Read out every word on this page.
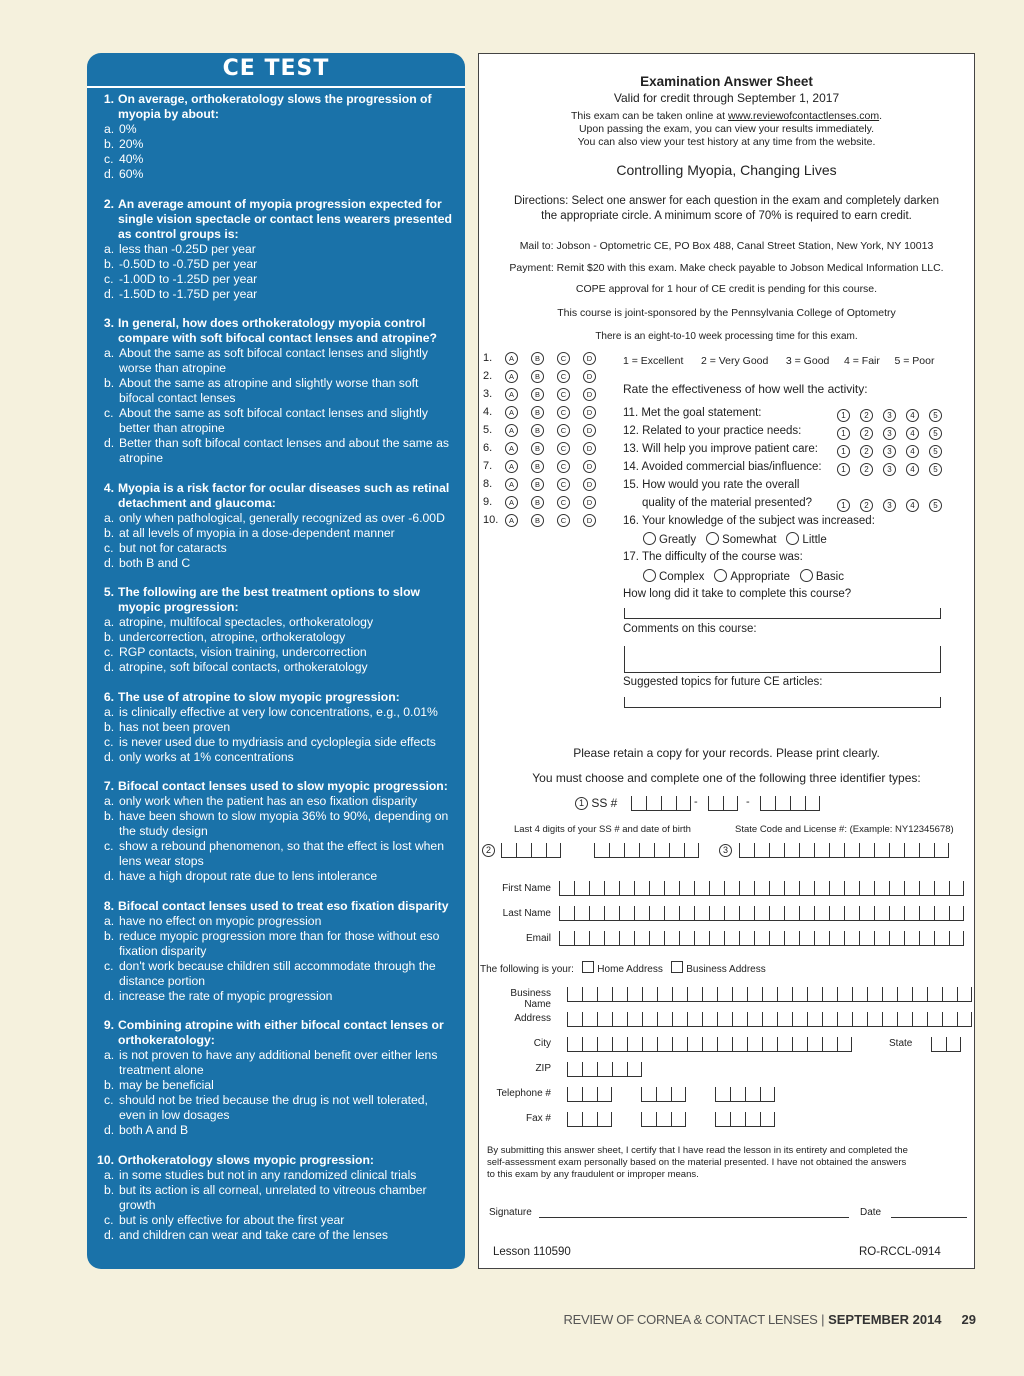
CE TEST
1. On average, orthokeratology slows the progression of myopia by about:
a. 0%
b. 20%
c. 40%
d. 60%
2. An average amount of myopia progression expected for single vision spectacle or contact lens wearers presented as control groups is:
a. less than -0.25D per year
b. -0.50D to -0.75D per year
c. -1.00D to -1.25D per year
d. -1.50D to -1.75D per year
3. In general, how does orthokeratology myopia control compare with soft bifocal contact lenses and atropine?
a. About the same as soft bifocal contact lenses and slightly worse than atropine
b. About the same as atropine and slightly worse than soft bifocal contact lenses
c. About the same as soft bifocal contact lenses and slightly better than atropine
d. Better than soft bifocal contact lenses and about the same as atropine
4. Myopia is a risk factor for ocular diseases such as retinal detachment and glaucoma:
a. only when pathological, generally recognized as over -6.00D
b. at all levels of myopia in a dose-dependent manner
c. but not for cataracts
d. both B and C
5. The following are the best treatment options to slow myopic progression:
a. atropine, multifocal spectacles, orthokeratology
b. undercorrection, atropine, orthokeratology
c. RGP contacts, vision training, undercorrection
d. atropine, soft bifocal contacts, orthokeratology
6. The use of atropine to slow myopic progression:
a. is clinically effective at very low concentrations, e.g., 0.01%
b. has not been proven
c. is never used due to mydriasis and cycloplegia side effects
d. only works at 1% concentrations
7. Bifocal contact lenses used to slow myopic progression:
a. only work when the patient has an eso fixation disparity
b. have been shown to slow myopia 36% to 90%, depending on the study design
c. show a rebound phenomenon, so that the effect is lost when lens wear stops
d. have a high dropout rate due to lens intolerance
8. Bifocal contact lenses used to treat eso fixation disparity
a. have no effect on myopic progression
b. reduce myopic progression more than for those without eso fixation disparity
c. don't work because children still accommodate through the distance portion
d. increase the rate of myopic progression
9. Combining atropine with either bifocal contact lenses or orthokeratology:
a. is not proven to have any additional benefit over either lens treatment alone
b. may be beneficial
c. should not be tried because the drug is not well tolerated, even in low dosages
d. both A and B
10. Orthokeratology slows myopic progression:
a. in some studies but not in any randomized clinical trials
b. but its action is all corneal, unrelated to vitreous chamber growth
c. but is only effective for about the first year
d. and children can wear and take care of the lenses
Examination Answer Sheet
Valid for credit through September 1, 2017
This exam can be taken online at www.reviewofcontactlenses.com.
Upon passing the exam, you can view your results immediately.
You can also view your test history at any time from the website.
Controlling Myopia, Changing Lives
Directions: Select one answer for each question in the exam and completely darken
the appropriate circle. A minimum score of 70% is required to earn credit.
Mail to: Jobson - Optometric CE, PO Box 488, Canal Street Station, New York, NY 10013
Payment: Remit $20 with this exam. Make check payable to Jobson Medical Information LLC.
COPE approval for 1 hour of CE credit is pending for this course.
This course is joint-sponsored by the Pennsylvania College of Optometry
There is an eight-to-10 week processing time for this exam.
1. A	B	C	D
2. A	B	C	D
3. A	B	C	D
4. A	B	C	D
5. A	B	C	D
6. A	B	C	D
7. A	B	C	D
8. A	B	C	D
9. A	B	C	D
10. A	B	C	D
1 = Excellent 2 = Very Good 3 = Good 4 = Fair 5 = Poor
Rate the effectiveness of how well the activity:
11. Met the goal statement:	1 2 3 4 5
12. Related to your practice needs:	1 2 3 4 5
13. Will help you improve patient care:	1 2 3 4 5
14. Avoided commercial bias/influence:	1 2 3 4 5
15. How would you rate the overall
quality of the material presented?	1 2 3 4 5
16. Your knowledge of the subject was increased:
Greatly Somewhat Little
17. The difficulty of the course was:
Complex Appropriate Basic
How long did it take to complete this course?
Comments on this course:
Suggested topics for future CE articles:
Please retain a copy for your records. Please print clearly.
You must choose and complete one of the following three identifier types:
1 SS #	-	-
Last 4 digits of your SS # and date of birth	State Code and License #: (Example: NY12345678)
2	3
First Name
Last Name
Email
The following is your: Home Address Business Address
Business Name
Address
City	State
ZIP
Telephone #
Fax #
By submitting this answer sheet, I certify that I have read the lesson in its entirety and completed the
self-assessment exam personally based on the material presented. I have not obtained the answers
to this exam by any fraudulent or improper means.
Signature	Date
Lesson 110590	RO-RCCL-0914
REVIEW OF CORNEA & CONTACT LENSES | SEPTEMBER 2014 29
